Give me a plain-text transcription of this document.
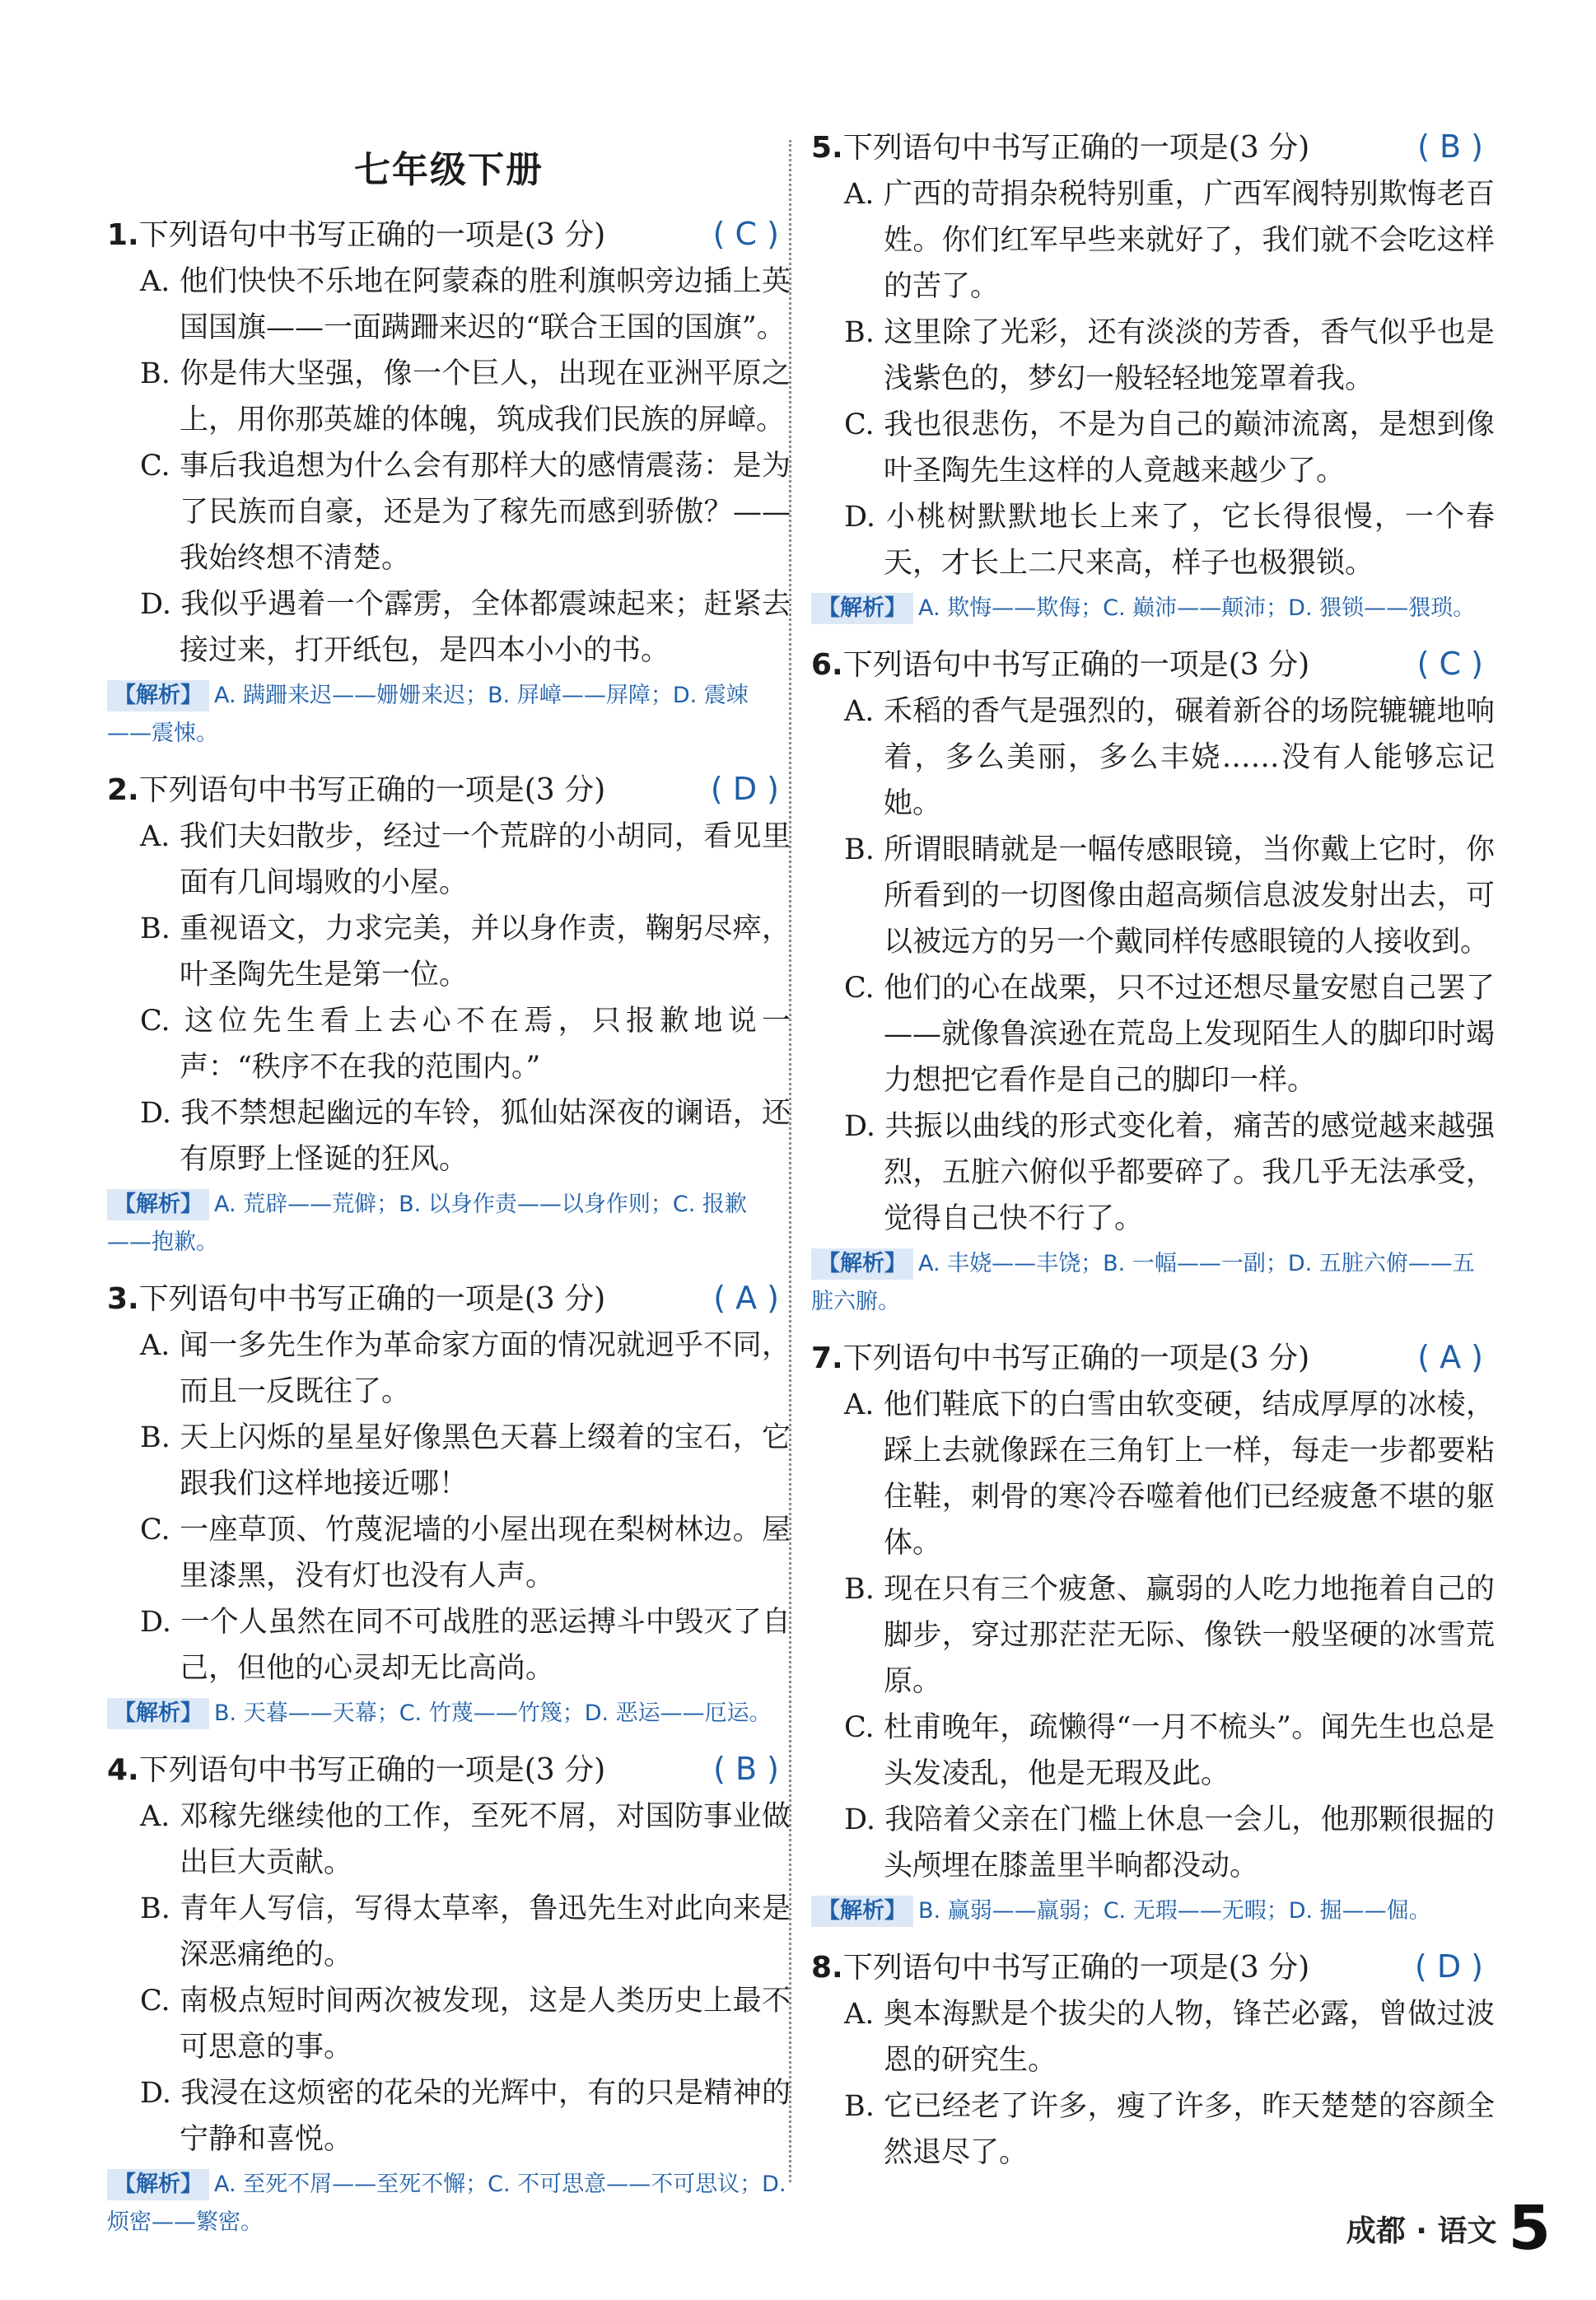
七年级下册
1.下列语句中书写正确的一项是(3 分)	( C )
A. 他们快快不乐地在阿蒙森的胜利旗帜旁边插上英国国旗——一面蹒跚来迟的“联合王国的国旗”。
B. 你是伟大坚强，像一个巨人，出现在亚洲平原之上，用你那英雄的体魄，筑成我们民族的屏嶂。
C. 事后我追想为什么会有那样大的感情震荡：是为了民族而自豪，还是为了稼先而感到骄傲？——我始终想不清楚。
D. 我似乎遇着一个霹雳，全体都震竦起来；赶紧去接过来，打开纸包，是四本小小的书。
【解析】 A. 蹒跚来迟——姗姗来迟；B. 屏嶂——屏障；D. 震竦——震悚。
2.下列语句中书写正确的一项是(3 分)	( D )
A. 我们夫妇散步，经过一个荒辟的小胡同，看见里面有几间塌败的小屋。
B. 重视语文，力求完美，并以身作责，鞠躬尽瘁，叶圣陶先生是第一位。
C. 这位先生看上去心不在焉，只报歉地说一声：“秩序不在我的范围内。”
D. 我不禁想起幽远的车铃，狐仙姑深夜的谰语，还有原野上怪诞的狂风。
【解析】 A. 荒辟——荒僻；B. 以身作责——以身作则；C. 报歉——抱歉。
3.下列语句中书写正确的一项是(3 分)	( A )
A. 闻一多先生作为革命家方面的情况就迥乎不同，而且一反既往了。
B. 天上闪烁的星星好像黑色天暮上缀着的宝石，它跟我们这样地接近哪！
C. 一座草顶、竹蔑泥墙的小屋出现在梨树林边。屋里漆黑，没有灯也没有人声。
D. 一个人虽然在同不可战胜的恶运搏斗中毁灭了自己，但他的心灵却无比高尚。
【解析】 B. 天暮——天幕；C. 竹蔑——竹篾；D. 恶运——厄运。
4.下列语句中书写正确的一项是(3 分)	( B )
A. 邓稼先继续他的工作，至死不屑，对国防事业做出巨大贡献。
B. 青年人写信，写得太草率，鲁迅先生对此向来是深恶痛绝的。
C. 南极点短时间两次被发现，这是人类历史上最不可思意的事。
D. 我浸在这烦密的花朵的光辉中，有的只是精神的宁静和喜悦。
【解析】 A. 至死不屑——至死不懈；C. 不可思意——不可思议；D. 烦密——繁密。
5.下列语句中书写正确的一项是(3 分)	( B )
A. 广西的苛捐杂税特别重，广西军阀特别欺悔老百姓。你们红军早些来就好了，我们就不会吃这样的苦了。
B. 这里除了光彩，还有淡淡的芳香，香气似乎也是浅紫色的，梦幻一般轻轻地笼罩着我。
C. 我也很悲伤，不是为自己的巅沛流离，是想到像叶圣陶先生这样的人竟越来越少了。
D. 小桃树默默地长上来了，它长得很慢，一个春天，才长上二尺来高，样子也极猥锁。
【解析】 A. 欺悔——欺侮；C. 巅沛——颠沛；D. 猥锁——猥琐。
6.下列语句中书写正确的一项是(3 分)	( C )
A. 禾稻的香气是强烈的，碾着新谷的场院辘辘地响着，多么美丽，多么丰娆……没有人能够忘记她。
B. 所谓眼睛就是一幅传感眼镜，当你戴上它时，你所看到的一切图像由超高频信息波发射出去，可以被远方的另一个戴同样传感眼镜的人接收到。
C. 他们的心在战栗，只不过还想尽量安慰自己罢了——就像鲁滨逊在荒岛上发现陌生人的脚印时竭力想把它看作是自己的脚印一样。
D. 共振以曲线的形式变化着，痛苦的感觉越来越强烈，五脏六俯似乎都要碎了。我几乎无法承受，觉得自己快不行了。
【解析】 A. 丰娆——丰饶；B. 一幅——一副；D. 五脏六俯——五脏六腑。
7.下列语句中书写正确的一项是(3 分)	( A )
A. 他们鞋底下的白雪由软变硬，结成厚厚的冰棱，踩上去就像踩在三角钉上一样，每走一步都要粘住鞋，刺骨的寒冷吞噬着他们已经疲惫不堪的躯体。
B. 现在只有三个疲惫、赢弱的人吃力地拖着自己的脚步，穿过那茫茫无际、像铁一般坚硬的冰雪荒原。
C. 杜甫晚年，疏懒得“一月不梳头”。闻先生也总是头发凌乱，他是无瑕及此。
D. 我陪着父亲在门槛上休息一会儿，他那颗很掘的头颅埋在膝盖里半晌都没动。
【解析】 B. 赢弱——羸弱；C. 无瑕——无暇；D. 掘——倔。
8.下列语句中书写正确的一项是(3 分)	( D )
A. 奥本海默是个拔尖的人物，锋芒必露，曾做过波恩的研究生。
B. 它已经老了许多，瘦了许多，昨天楚楚的容颜全然退尽了。
成都 · 语文 5
